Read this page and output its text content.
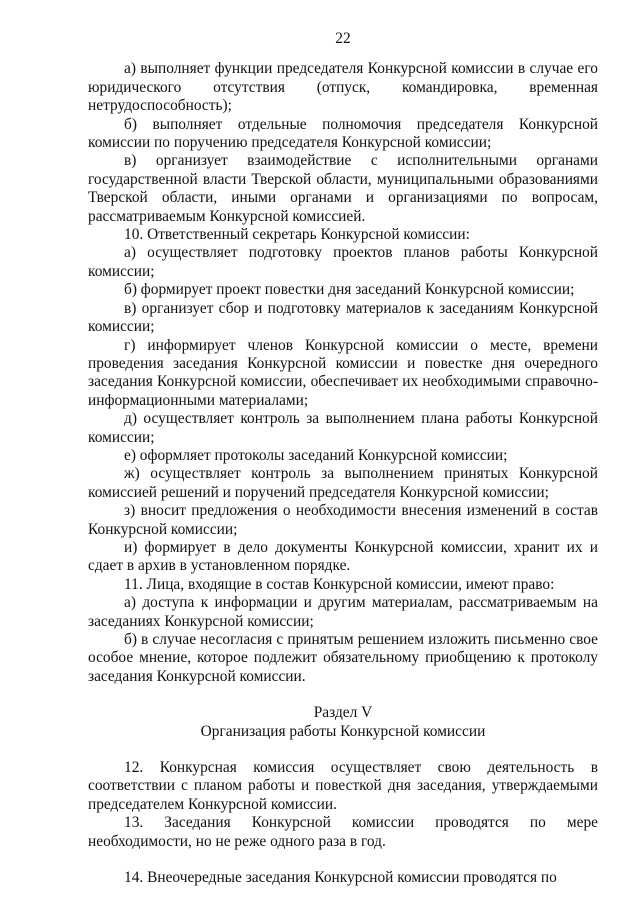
22

а) выполняет функции председателя Конкурсной комиссии в случае его юридического отсутствия (отпуск, командировка, временная нетрудоспособность);

б) выполняет отдельные полномочия председателя Конкурсной комиссии по поручению председателя Конкурсной комиссии;

в) организует взаимодействие с исполнительными органами государственной власти Тверской области, муниципальными образованиями Тверской области, иными органами и организациями по вопросам, рассматриваемым Конкурсной комиссией.

10. Ответственный секретарь Конкурсной комиссии:

а) осуществляет подготовку проектов планов работы Конкурсной комиссии;

б) формирует проект повестки дня заседаний Конкурсной комиссии;

в) организует сбор и подготовку материалов к заседаниям Конкурсной комиссии;

г) информирует членов Конкурсной комиссии о месте, времени проведения заседания Конкурсной комиссии и повестке дня очередного заседания Конкурсной комиссии, обеспечивает их необходимыми справочно-информационными материалами;

д) осуществляет контроль за выполнением плана работы Конкурсной комиссии;

е) оформляет протоколы заседаний Конкурсной комиссии;

ж) осуществляет контроль за выполнением принятых Конкурсной комиссией решений и поручений председателя Конкурсной комиссии;

з) вносит предложения о необходимости внесения изменений в состав Конкурсной комиссии;

и) формирует в дело документы Конкурсной комиссии, хранит их и сдает в архив в установленном порядке.

11. Лица, входящие в состав Конкурсной комиссии, имеют право:

а) доступа к информации и другим материалам, рассматриваемым на заседаниях Конкурсной комиссии;

б) в случае несогласия с принятым решением изложить письменно свое особое мнение, которое подлежит обязательному приобщению к протоколу заседания Конкурсной комиссии.

Раздел V

Организация работы Конкурсной комиссии

12. Конкурсная комиссия осуществляет свою деятельность в соответствии с планом работы и повесткой дня заседания, утверждаемыми председателем Конкурсной комиссии.

13. Заседания Конкурсной комиссии проводятся по мере необходимости, но не реже одного раза в год.

14. Внеочередные заседания Конкурсной комиссии проводятся по
